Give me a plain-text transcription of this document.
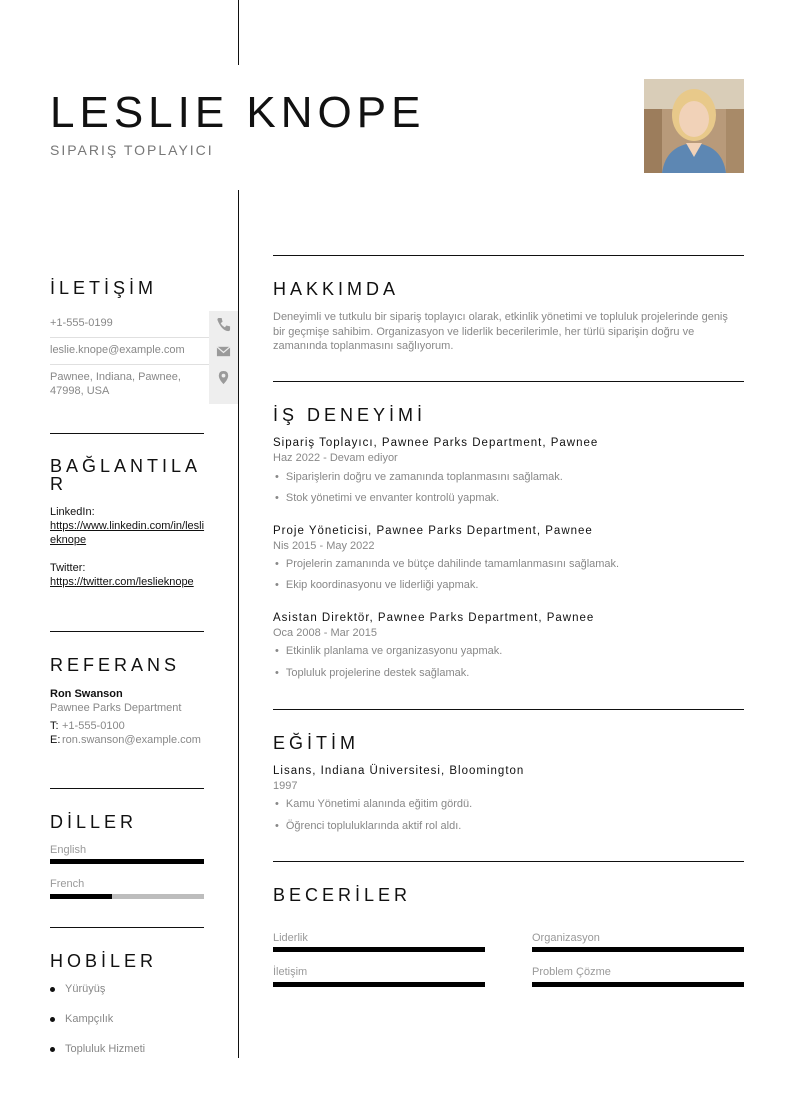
LESLIE KNOPE
SIPARIŞ TOPLAYICI
İLETİŞİM
+1-555-0199
leslie.knope@example.com
Pawnee, Indiana, Pawnee, 47998, USA
BAĞLANTILAR
LinkedIn:
https://www.linkedin.com/in/leslieknope
Twitter:
https://twitter.com/leslieknope
REFERANS
Ron Swanson
Pawnee Parks Department
T: +1-555-0100
E: ron.swanson@example.com
DİLLER
English
French
HOBİLER
Yürüyüş
Kampçılık
Topluluk Hizmeti
HAKKIMDA
Deneyimli ve tutkulu bir sipariş toplayıcı olarak, etkinlik yönetimi ve topluluk projelerinde geniş bir geçmişe sahibim. Organizasyon ve liderlik becerilerimle, her türlü siparişin doğru ve zamanında toplanmasını sağlıyorum.
İŞ DENEYİMİ
Sipariş Toplayıcı, Pawnee Parks Department, Pawnee
Haz 2022 - Devam ediyor
• Siparişlerin doğru ve zamanında toplanmasını sağlamak.
• Stok yönetimi ve envanter kontrolü yapmak.
Proje Yöneticisi, Pawnee Parks Department, Pawnee
Nis 2015 - May 2022
• Projelerin zamanında ve bütçe dahilinde tamamlanmasını sağlamak.
• Ekip koordinasyonu ve liderliği yapmak.
Asistan Direktör, Pawnee Parks Department, Pawnee
Oca 2008 - Mar 2015
• Etkinlik planlama ve organizasyonu yapmak.
• Topluluk projelerine destek sağlamak.
EĞİTİM
Lisans, Indiana Üniversitesi, Bloomington
1997
• Kamu Yönetimi alanında eğitim gördü.
• Öğrenci topluluklarında aktif rol aldı.
BECERİLER
Liderlik	Organizasyon
İletişim	Problem Çözme
